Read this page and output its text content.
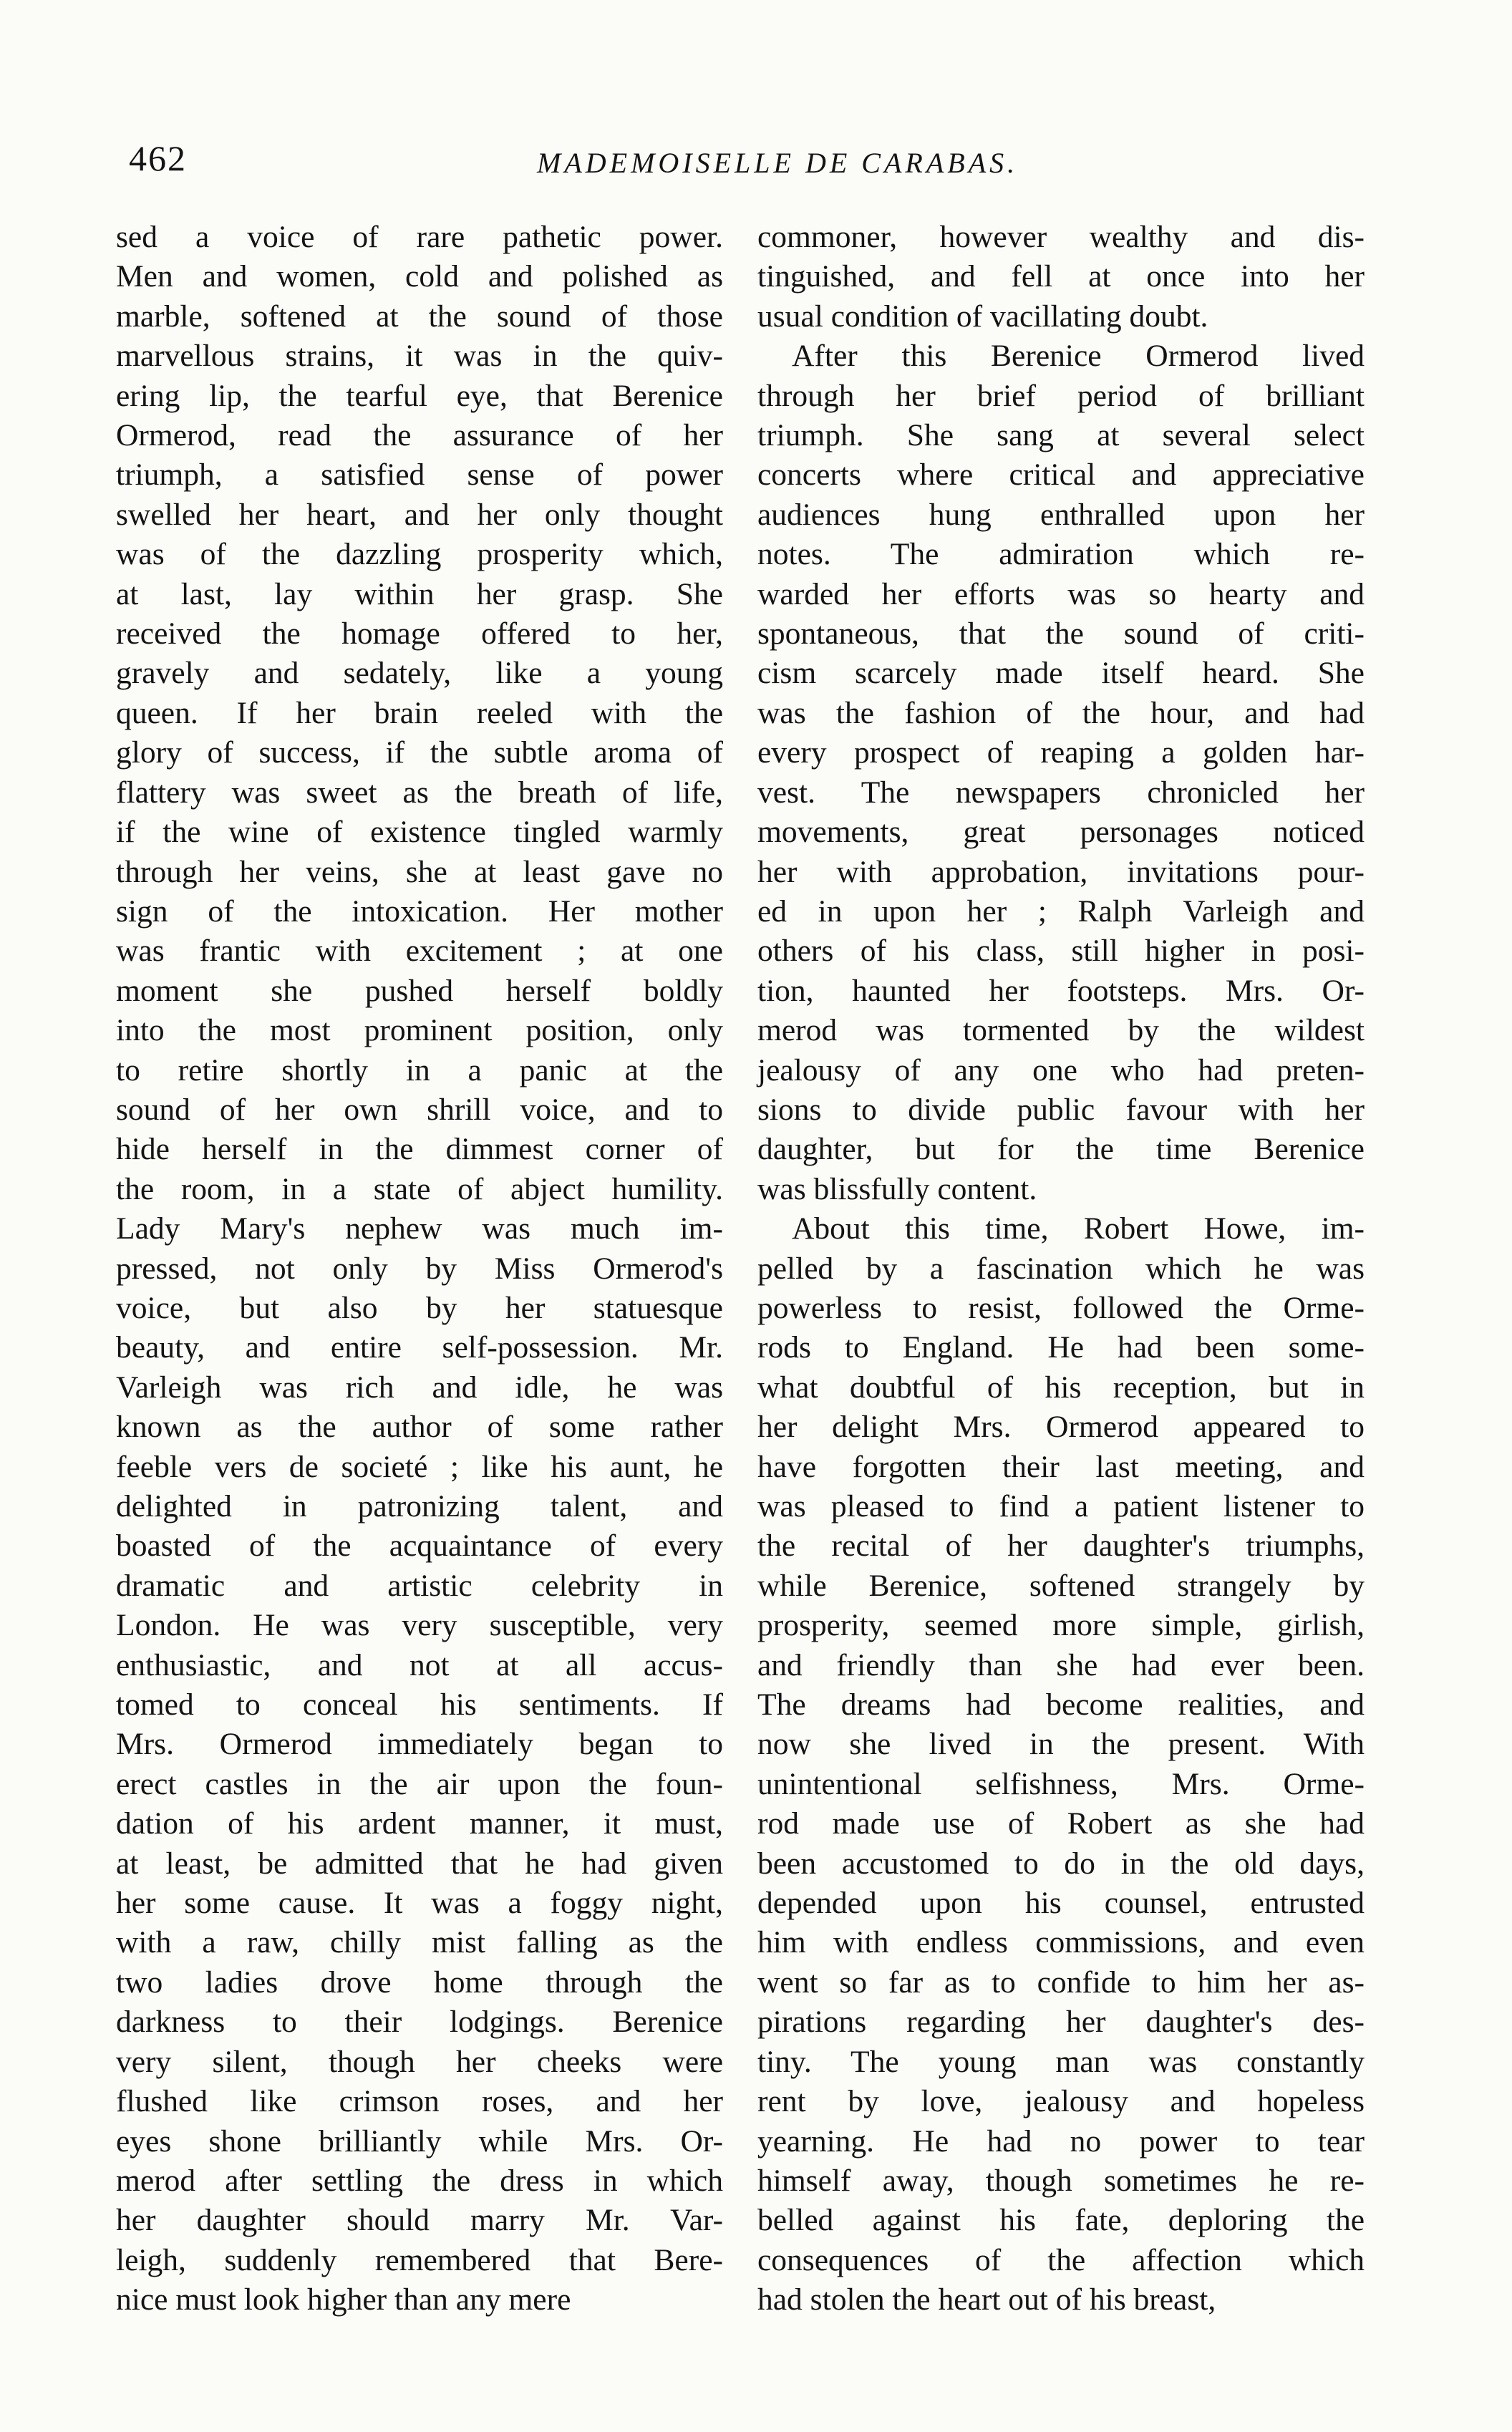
462	MADEMOISELLE DE CARABAS.
sed a voice of rare pathetic power.
Men and women, cold and polished as
marble, softened at the sound of those
marvellous strains, it was in the quiv-
ering lip, the tearful eye, that Berenice
Ormerod, read the assurance of her
triumph, a satisfied sense of power
swelled her heart, and her only thought
was of the dazzling prosperity which,
at last, lay within her grasp. She
received the homage offered to her,
gravely and sedately, like a young
queen. If her brain reeled with the
glory of success, if the subtle aroma of
flattery was sweet as the breath of life,
if the wine of existence tingled warmly
through her veins, she at least gave no
sign of the intoxication. Her mother
was frantic with excitement ; at one
moment she pushed herself boldly
into the most prominent position, only
to retire shortly in a panic at the
sound of her own shrill voice, and to
hide herself in the dimmest corner of
the room, in a state of abject humility.
Lady Mary's nephew was much im-
pressed, not only by Miss Ormerod's
voice, but also by her statuesque
beauty, and entire self-possession. Mr.
Varleigh was rich and idle, he was
known as the author of some rather
feeble vers de societé ; like his aunt, he
delighted in patronizing talent, and
boasted of the acquaintance of every
dramatic and artistic celebrity in
London. He was very susceptible, very
enthusiastic, and not at all accus-
tomed to conceal his sentiments. If
Mrs. Ormerod immediately began to
erect castles in the air upon the foun-
dation of his ardent manner, it must,
at least, be admitted that he had given
her some cause. It was a foggy night,
with a raw, chilly mist falling as the
two ladies drove home through the
darkness to their lodgings. Berenice
very silent, though her cheeks were
flushed like crimson roses, and her
eyes shone brilliantly while Mrs. Or-
merod after settling the dress in which
her daughter should marry Mr. Var-
leigh, suddenly remembered that Bere-
nice must look higher than any mere
commoner, however wealthy and dis-
tinguished, and fell at once into her
usual condition of vacillating doubt.
After this Berenice Ormerod lived
through her brief period of brilliant
triumph. She sang at several select
concerts where critical and appreciative
audiences hung enthralled upon her
notes. The admiration which re-
warded her efforts was so hearty and
spontaneous, that the sound of criti-
cism scarcely made itself heard. She
was the fashion of the hour, and had
every prospect of reaping a golden har-
vest. The newspapers chronicled her
movements, great personages noticed
her with approbation, invitations pour-
ed in upon her ; Ralph Varleigh and
others of his class, still higher in posi-
tion, haunted her footsteps. Mrs. Or-
merod was tormented by the wildest
jealousy of any one who had preten-
sions to divide public favour with her
daughter, but for the time Berenice
was blissfully content.
About this time, Robert Howe, im-
pelled by a fascination which he was
powerless to resist, followed the Orme-
rods to England. He had been some-
what doubtful of his reception, but in
her delight Mrs. Ormerod appeared to
have forgotten their last meeting, and
was pleased to find a patient listener to
the recital of her daughter's triumphs,
while Berenice, softened strangely by
prosperity, seemed more simple, girlish,
and friendly than she had ever been.
The dreams had become realities, and
now she lived in the present. With
unintentional selfishness, Mrs. Orme-
rod made use of Robert as she had
been accustomed to do in the old days,
depended upon his counsel, entrusted
him with endless commissions, and even
went so far as to confide to him her as-
pirations regarding her daughter's des-
tiny. The young man was constantly
rent by love, jealousy and hopeless
yearning. He had no power to tear
himself away, though sometimes he re-
belled against his fate, deploring the
consequences of the affection which
had stolen the heart out of his breast,
